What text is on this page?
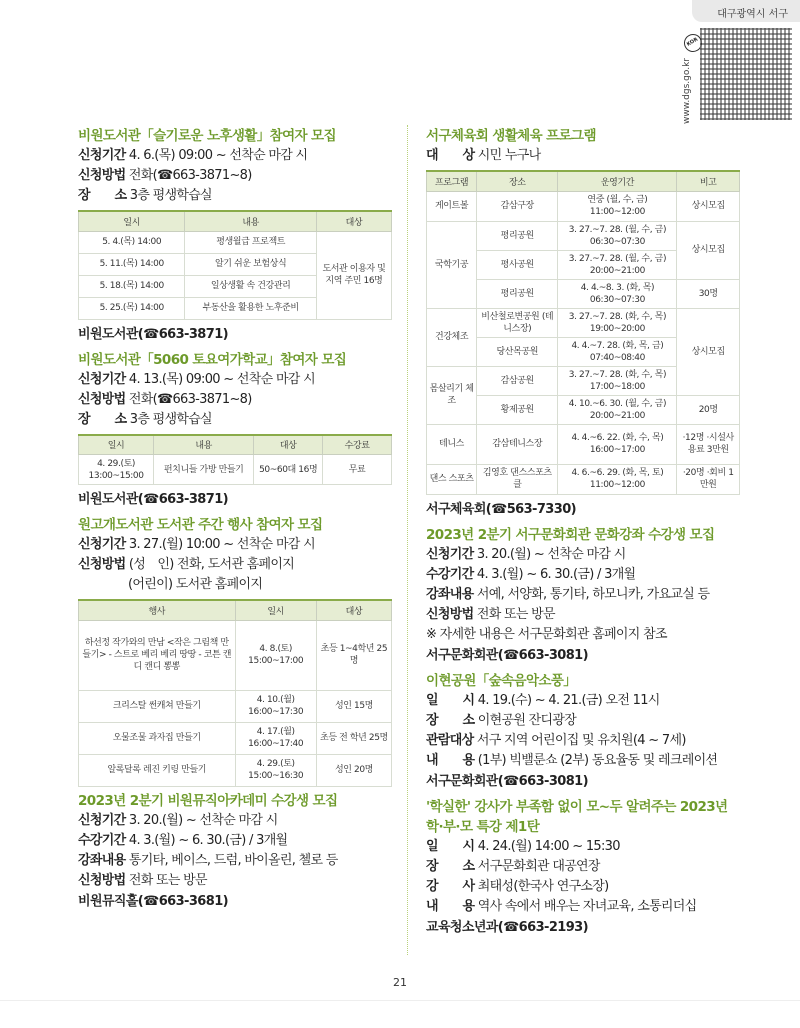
대구광역시 서구
KOR
www.dgs.go.kr
비원도서관「슬기로운 노후생활」참여자 모집
신청기간 4. 6.(목) 09:00 ~ 선착순 마감 시
신청방법 전화(☎663-3871~8)
장　　소 3층 평생학습실
일시	내용	대상
5. 4.(목) 14:00	평생월급 프로젝트	도서관 이용자 및 지역 주민 16명
5. 11.(목) 14:00	알기 쉬운 보험상식	
5. 18.(목) 14:00	일상생활 속 건강관리	
5. 25.(목) 14:00	부동산을 활용한 노후준비	
비원도서관(☎663-3871)
비원도서관「5060 토요여가학교」참여자 모집
신청기간 4. 13.(목) 09:00 ~ 선착순 마감 시
신청방법 전화(☎663-3871~8)
장　　소 3층 평생학습실
일시	내용	대상	수강료
4. 29.(토) 13:00~15:00	펀치니들 가방 만들기	50~60대 16명	무료
비원도서관(☎663-3871)
원고개도서관 도서관 주간 행사 참여자 모집
신청기간 3. 27.(월) 10:00 ~ 선착순 마감 시
신청방법 (성　인) 전화, 도서관 홈페이지
(어린이) 도서관 홈페이지
행사	일시	대상
하선정 작가와의 만남 <작은 그림책 만들기> - 스트로 베리 베리 땅땅 - 코튼 캔디 캔디 뽕뽕	4. 8.(토) 15:00~17:00	초등 1~4학년 25명
크리스탈 썬캐쳐 만들기	4. 10.(월) 16:00~17:30	성인 15명
오물조물 과자집 만들기	4. 17.(월) 16:00~17:40	초등 전 학년 25명
알록달록 레진 키링 만들기	4. 29.(토) 15:00~16:30	성인 20명
2023년 2분기 비원뮤직아카데미 수강생 모집
신청기간 3. 20.(월) ~ 선착순 마감 시
수강기간 4. 3.(월) ~ 6. 30.(금) / 3개월
강좌내용 통기타, 베이스, 드럼, 바이올린, 첼로 등
신청방법 전화 또는 방문
비원뮤직홀(☎663-3681)
서구체육회 생활체육 프로그램
대　　상 시민 누구나
프로그램	장소	운영기간	비고
게이트볼	감삼구장	연중 (월, 수, 금) 11:00~12:00	상시모집
국학기공	평리공원	3. 27.~7. 28. (월, 수, 금) 06:30~07:30	상시모집
	평사공원	3. 27.~7. 28. (월, 수, 금) 20:00~21:00	
	평리공원	4. 4.~8. 3. (화, 목) 06:30~07:30	30명
건강체조	비산철로변공원 (테니스장)	3. 27.~7. 28. (화, 수, 목) 19:00~20:00	상시모집
	당산목공원	4. 4.~7. 28. (화, 목, 금) 07:40~08:40	
몸살리기 체조	감삼공원	3. 27.~7. 28. (화, 수, 목) 17:00~18:00	
	황제공원	4. 10.~6. 30. (월, 수, 금) 20:00~21:00	20명
테니스	감삼테니스장	4. 4.~6. 22. (화, 수, 목) 16:00~17:00	·12명 ·시설사용료 3만원
댄스 스포츠	김영호 댄스스포츠클	4. 6.~6. 29. (화, 목, 토) 11:00~12:00	·20명 ·회비 1만원
서구체육회(☎563-7330)
2023년 2분기 서구문화회관 문화강좌 수강생 모집
신청기간 3. 20.(월) ~ 선착순 마감 시
수강기간 4. 3.(월) ~ 6. 30.(금) / 3개월
강좌내용 서예, 서양화, 통기타, 하모니카, 가요교실 등
신청방법 전화 또는 방문
※ 자세한 내용은 서구문화회관 홈페이지 참조
서구문화회관(☎663-3081)
이현공원「숲속음악소풍」
일　　시 4. 19.(수) ~ 4. 21.(금) 오전 11시
장　　소 이현공원 잔디광장
관람대상 서구 지역 어린이집 및 유치원(4 ~ 7세)
내　　용 (1부) 빅밸룬쇼 (2부) 동요율동 및 레크레이션
서구문화회관(☎663-3081)
'학실한' 강사가 부족함 없이 모~두 알려주는 2023년
학·부·모 특강 제1탄
일　　시 4. 24.(월) 14:00 ~ 15:30
장　　소 서구문화회관 대공연장
강　　사 최태성(한국사 연구소장)
내　　용 역사 속에서 배우는 자녀교육, 소통리더십
교육청소년과(☎663-2193)
21
